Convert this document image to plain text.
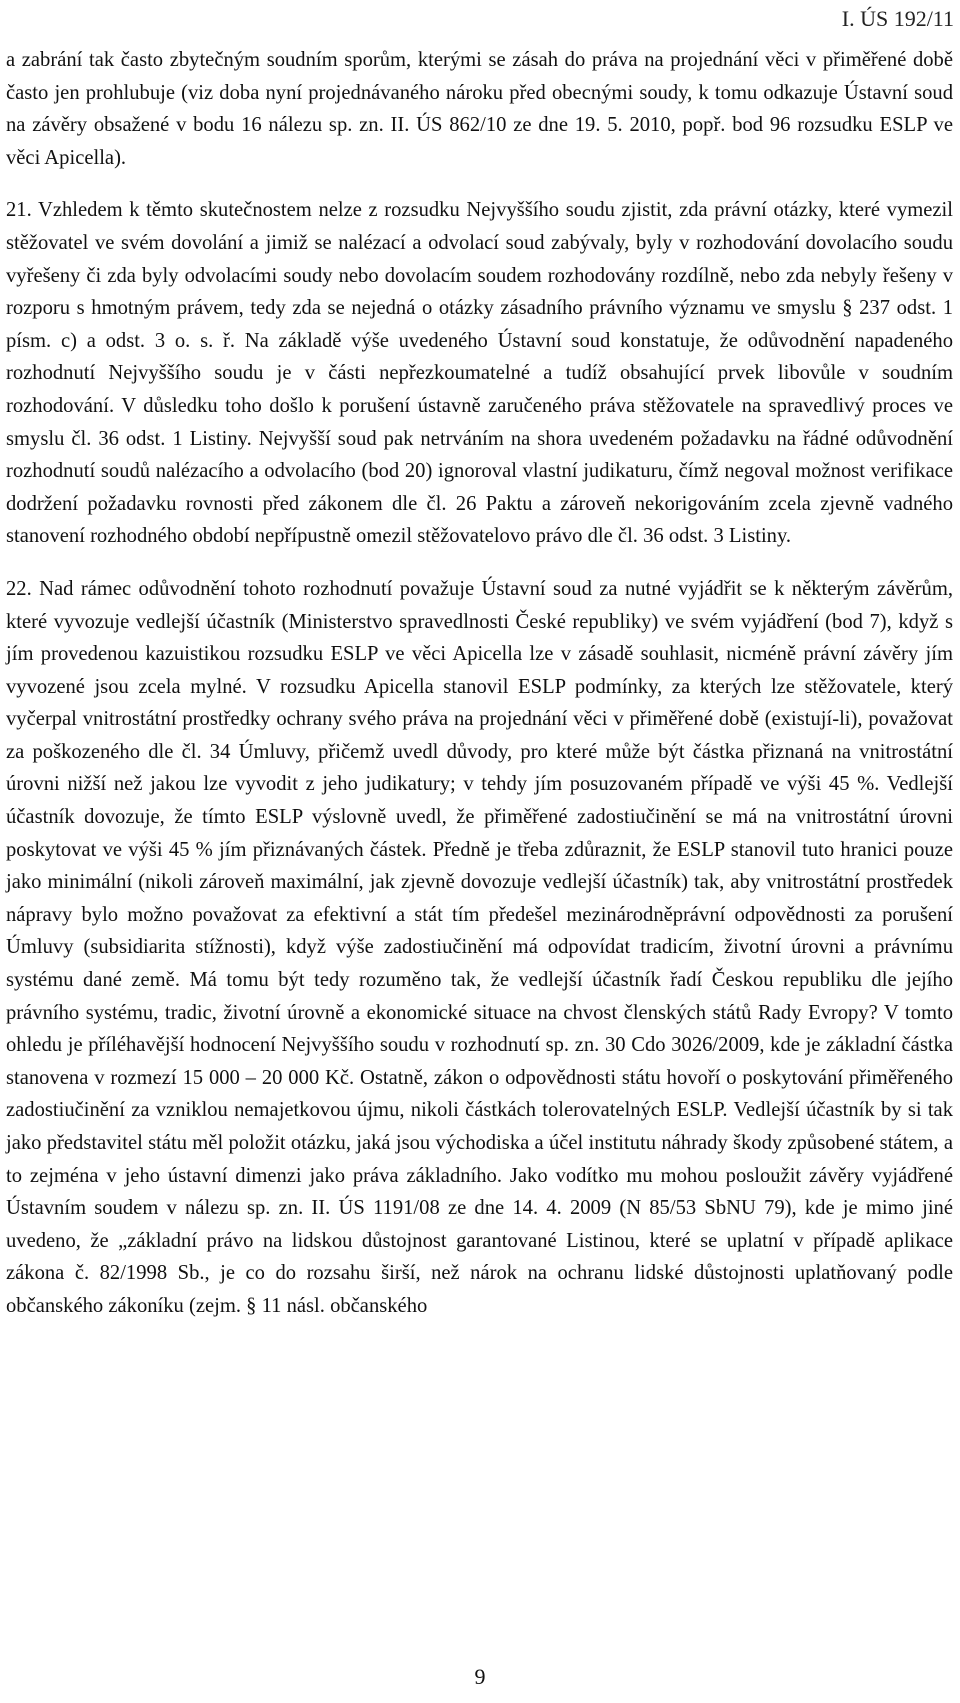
I. ÚS 192/11

a zabrání tak často zbytečným soudním sporům, kterými se zásah do práva na projednání věci v přiměřené době často jen prohlubuje (viz doba nyní projednávaného nároku před obecnými soudy, k tomu odkazuje Ústavní soud na závěry obsažené v bodu 16 nálezu sp. zn. II. ÚS 862/10 ze dne 19. 5. 2010, popř. bod 96 rozsudku ESLP ve věci Apicella).

21. Vzhledem k těmto skutečnostem nelze z rozsudku Nejvyššího soudu zjistit, zda právní otázky, které vymezil stěžovatel ve svém dovolání a jimiž se nalézací a odvolací soud zabývaly, byly v rozhodování dovolacího soudu vyřešeny či zda byly odvolacími soudy nebo dovolacím soudem rozhodovány rozdílně, nebo zda nebyly řešeny v rozporu s hmotným právem, tedy zda se nejedná o otázky zásadního právního významu ve smyslu § 237 odst. 1 písm. c) a odst. 3 o. s. ř. Na základě výše uvedeného Ústavní soud konstatuje, že odůvodnění napadeného rozhodnutí Nejvyššího soudu je v části nepřezkoumatelné a tudíž obsahující prvek libovůle v soudním rozhodování. V důsledku toho došlo k porušení ústavně zaručeného práva stěžovatele na spravedlivý proces ve smyslu čl. 36 odst. 1 Listiny. Nejvyšší soud pak netrváním na shora uvedeném požadavku na řádné odůvodnění rozhodnutí soudů nalézacího a odvolacího (bod 20) ignoroval vlastní judikaturu, čímž negoval možnost verifikace dodržení požadavku rovnosti před zákonem dle čl. 26 Paktu a zároveň nekorigováním zcela zjevně vadného stanovení rozhodného období nepřípustně omezil stěžovatelovo právo dle čl. 36 odst. 3 Listiny.

22. Nad rámec odůvodnění tohoto rozhodnutí považuje Ústavní soud za nutné vyjádřit se k některým závěrům, které vyvozuje vedlejší účastník (Ministerstvo spravedlnosti České republiky) ve svém vyjádření (bod 7), když s jím provedenou kazuistikou rozsudku ESLP ve věci Apicella lze v zásadě souhlasit, nicméně právní závěry jím vyvozené jsou zcela mylné. V rozsudku Apicella stanovil ESLP podmínky, za kterých lze stěžovatele, který vyčerpal vnitrostátní prostředky ochrany svého práva na projednání věci v přiměřené době (existují-li), považovat za poškozeného dle čl. 34 Úmluvy, přičemž uvedl důvody, pro které může být částka přiznaná na vnitrostátní úrovni nižší než jakou lze vyvodit z jeho judikatury; v tehdy jím posuzovaném případě ve výši 45 %. Vedlejší účastník dovozuje, že tímto ESLP výslovně uvedl, že přiměřené zadostiučinění se má na vnitrostátní úrovni poskytovat ve výši 45 % jím přiznávaných částek. Předně je třeba zdůraznit, že ESLP stanovil tuto hranici pouze jako minimální (nikoli zároveň maximální, jak zjevně dovozuje vedlejší účastník) tak, aby vnitrostátní prostředek nápravy bylo možno považovat za efektivní a stát tím předešel mezinárodněprávní odpovědnosti za porušení Úmluvy (subsidiarita stížnosti), když výše zadostiučinění má odpovídat tradicím, životní úrovni a právnímu systému dané země. Má tomu být tedy rozuměno tak, že vedlejší účastník řadí Českou republiku dle jejího právního systému, tradic, životní úrovně a ekonomické situace na chvost členských států Rady Evropy? V tomto ohledu je příléhavější hodnocení Nejvyššího soudu v rozhodnutí sp. zn. 30 Cdo 3026/2009, kde je základní částka stanovena v rozmezí 15 000 – 20 000 Kč. Ostatně, zákon o odpovědnosti státu hovoří o poskytování přiměřeného zadostiučinění za vzniklou nemajetkovou újmu, nikoli částkách tolerovatelných ESLP. Vedlejší účastník by si tak jako představitel státu měl položit otázku, jaká jsou východiska a účel institutu náhrady škody způsobené státem, a to zejména v jeho ústavní dimenzi jako práva základního. Jako vodítko mu mohou posloužit závěry vyjádřené Ústavním soudem v nálezu sp. zn. II. ÚS 1191/08 ze dne 14. 4. 2009 (N 85/53 SbNU 79), kde je mimo jiné uvedeno, že „základní právo na lidskou důstojnost garantované Listinou, které se uplatní v případě aplikace zákona č. 82/1998 Sb., je co do rozsahu širší, než nárok na ochranu lidské důstojnosti uplatňovaný podle občanského zákoníku (zejm. § 11 násl. občanského

9
